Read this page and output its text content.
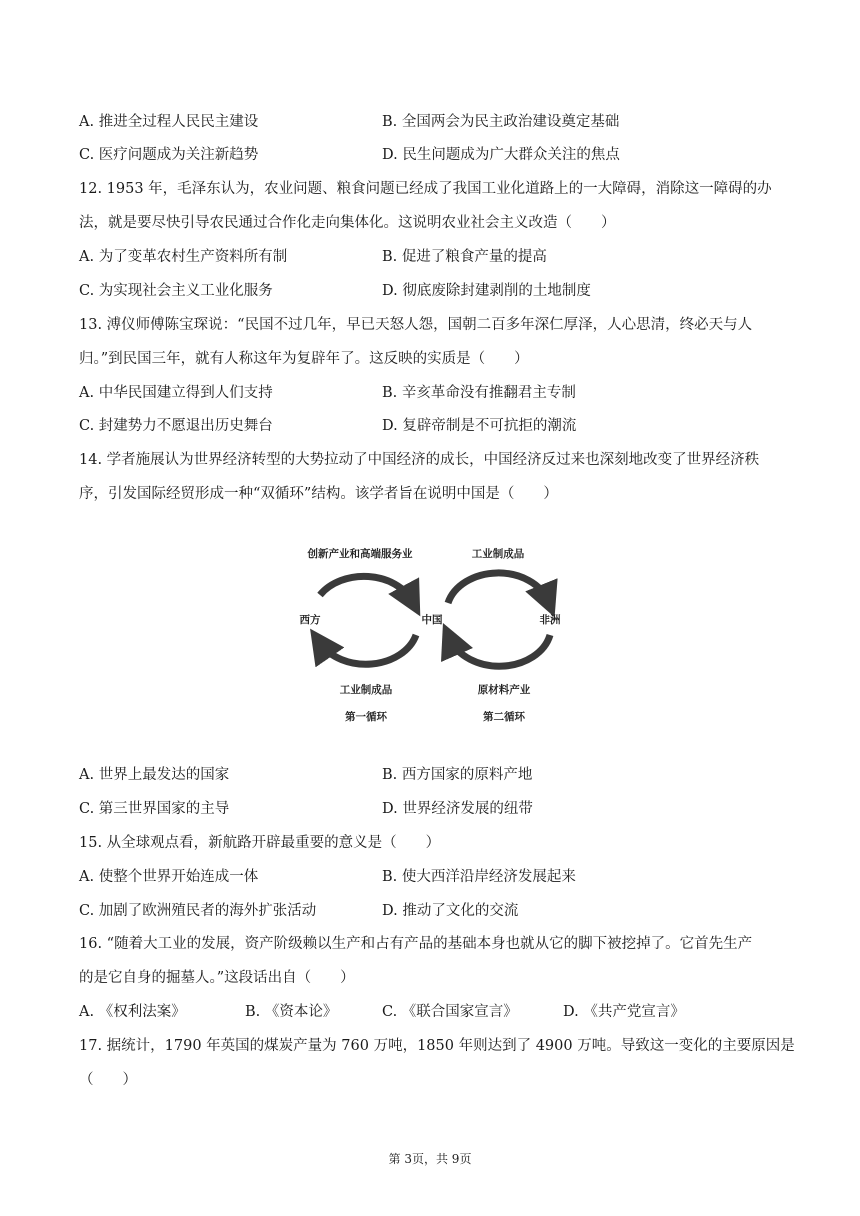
A. 推进全过程人民民主建设	B. 全国两会为民主政治建设奠定基础
C. 医疗问题成为关注新趋势	D. 民生问题成为广大群众关注的焦点
12. 1953 年，毛泽东认为，农业问题、粮食问题已经成了我国工业化道路上的一大障碍，消除这一障碍的办
法，就是要尽快引导农民通过合作化走向集体化。这说明农业社会主义改造（　　）
A. 为了变革农村生产资料所有制	B. 促进了粮食产量的提高
C. 为实现社会主义工业化服务	D. 彻底废除封建剥削的土地制度
13. 溥仪师傅陈宝琛说：“民国不过几年，早已天怒人怨，国朝二百多年深仁厚泽，人心思清，终必天与人
归。”到民国三年，就有人称这年为复辟年了。这反映的实质是（　　）
A. 中华民国建立得到人们支持	B. 辛亥革命没有推翻君主专制
C. 封建势力不愿退出历史舞台	D. 复辟帝制是不可抗拒的潮流
14. 学者施展认为世界经济转型的大势拉动了中国经济的成长，中国经济反过来也深刻地改变了世界经济秩
序，引发国际经贸形成一种“双循环”结构。该学者旨在说明中国是（　　）
创新产业和高端服务业	工业制成品
西方	中国	非洲
工业制成品	原材料产业
第一循环	第二循环
A. 世界上最发达的国家	B. 西方国家的原料产地
C. 第三世界国家的主导	D. 世界经济发展的纽带
15. 从全球观点看，新航路开辟最重要的意义是（　　）
A. 使整个世界开始连成一体	B. 使大西洋沿岸经济发展起来
C. 加剧了欧洲殖民者的海外扩张活动	D. 推动了文化的交流
16. “随着大工业的发展，资产阶级赖以生产和占有产品的基础本身也就从它的脚下被挖掉了。它首先生产
的是它自身的掘墓人。”这段话出自（　　）
A. 《权利法案》	B. 《资本论》	C. 《联合国家宣言》	D. 《共产党宣言》
17. 据统计，1790 年英国的煤炭产量为 760 万吨，1850 年则达到了 4900 万吨。导致这一变化的主要原因是
（　　）
第 3页，共 9页
